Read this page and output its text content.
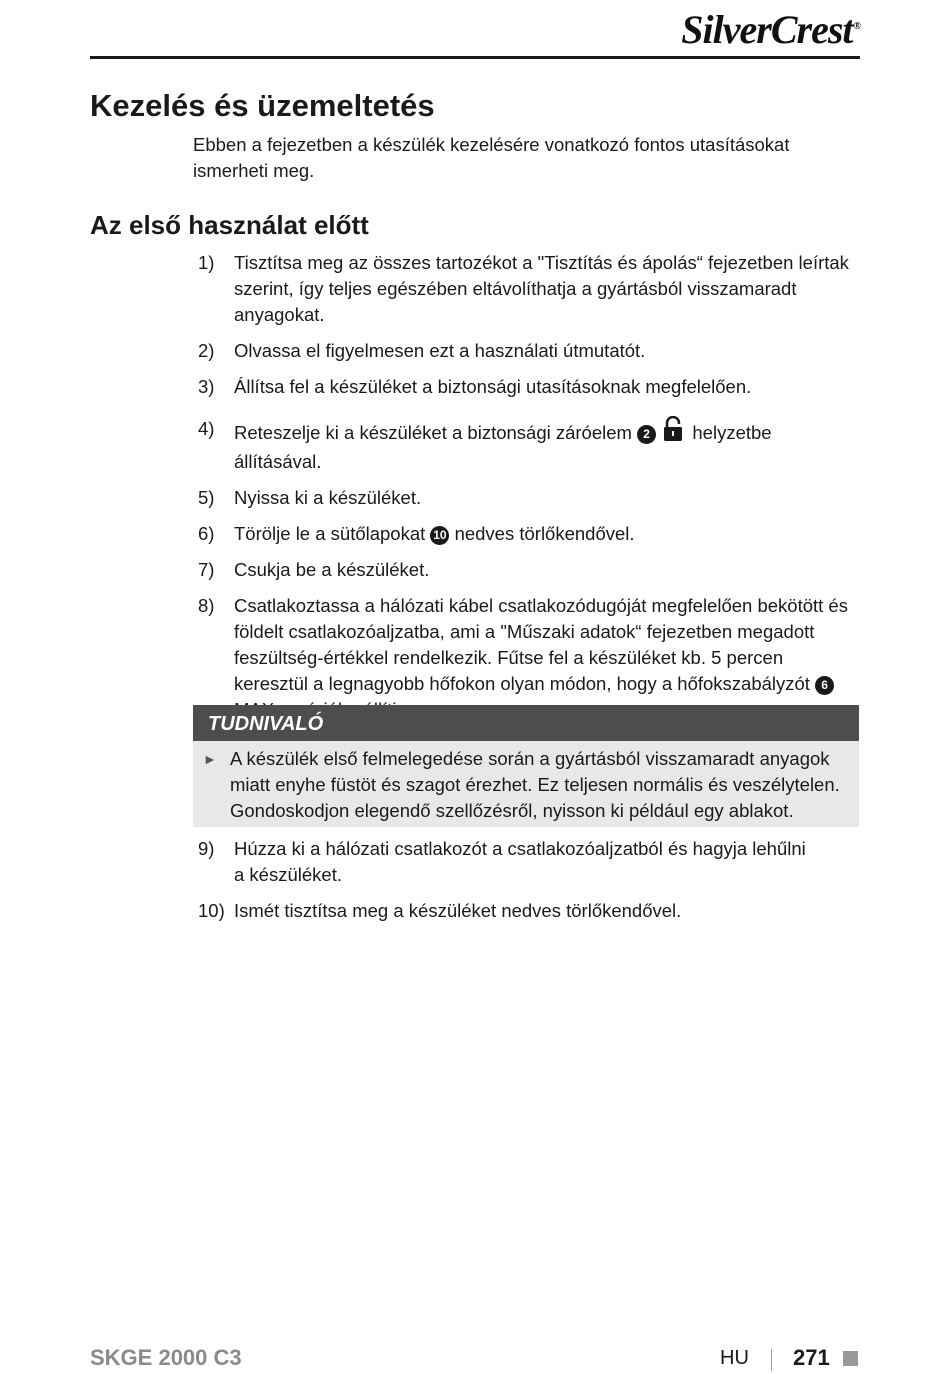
SilverCrest®
Kezelés és üzemeltetés

Ebben a fejezetben a készülék kezelésére vonatkozó fontos utasításokat ismerheti meg.

Az első használat előtt
1)	Tisztítsa meg az összes tartozékot a "Tisztítás és ápolás“ fejezetben leírtak szerint, így teljes egészében eltávolíthatja a gyártásból visszamaradt anyagokat.
2)	Olvassa el figyelmesen ezt a használati útmutatót.
3)	Állítsa fel a készüléket a biztonsági utasításoknak megfelelően.
4)	Reteszelje ki a készüléket a biztonsági záróelem 2 helyzetbe állításával.
5)	Nyissa ki a készüléket.
6)	Törölje le a sütőlapokat 10 nedves törlőkendővel.
7)	Csukja be a készüléket.
8)	Csatlakoztassa a hálózati kábel csatlakozódugóját megfelelően bekötött és földelt csatlakozóaljzatba, ami a "Műszaki adatok“ fejezetben megadott feszültség-értékkel rendelkezik. Fűtse fel a készüléket kb. 5 percen keresztül a legnagyobb hőfokon olyan módon, hogy a hőfokszabályzót 6
TUDNIVALÓ
► A készülék első felmelegedése során a gyártásból visszamaradt anyagok miatt enyhe füstöt és szagot érezhet. Ez teljesen normális és veszélytelen. Gondoskodjon elegendő szellőzésről, nyisson ki például egy ablakot.
9)	Húzza ki a hálózati csatlakozót a csatlakozóaljzatból és hagyja lehűlni a készüléket.
10) Ismét tisztítsa meg a készüléket nedves törlőkendővel.
SKGE 2000 C3	HU 271
